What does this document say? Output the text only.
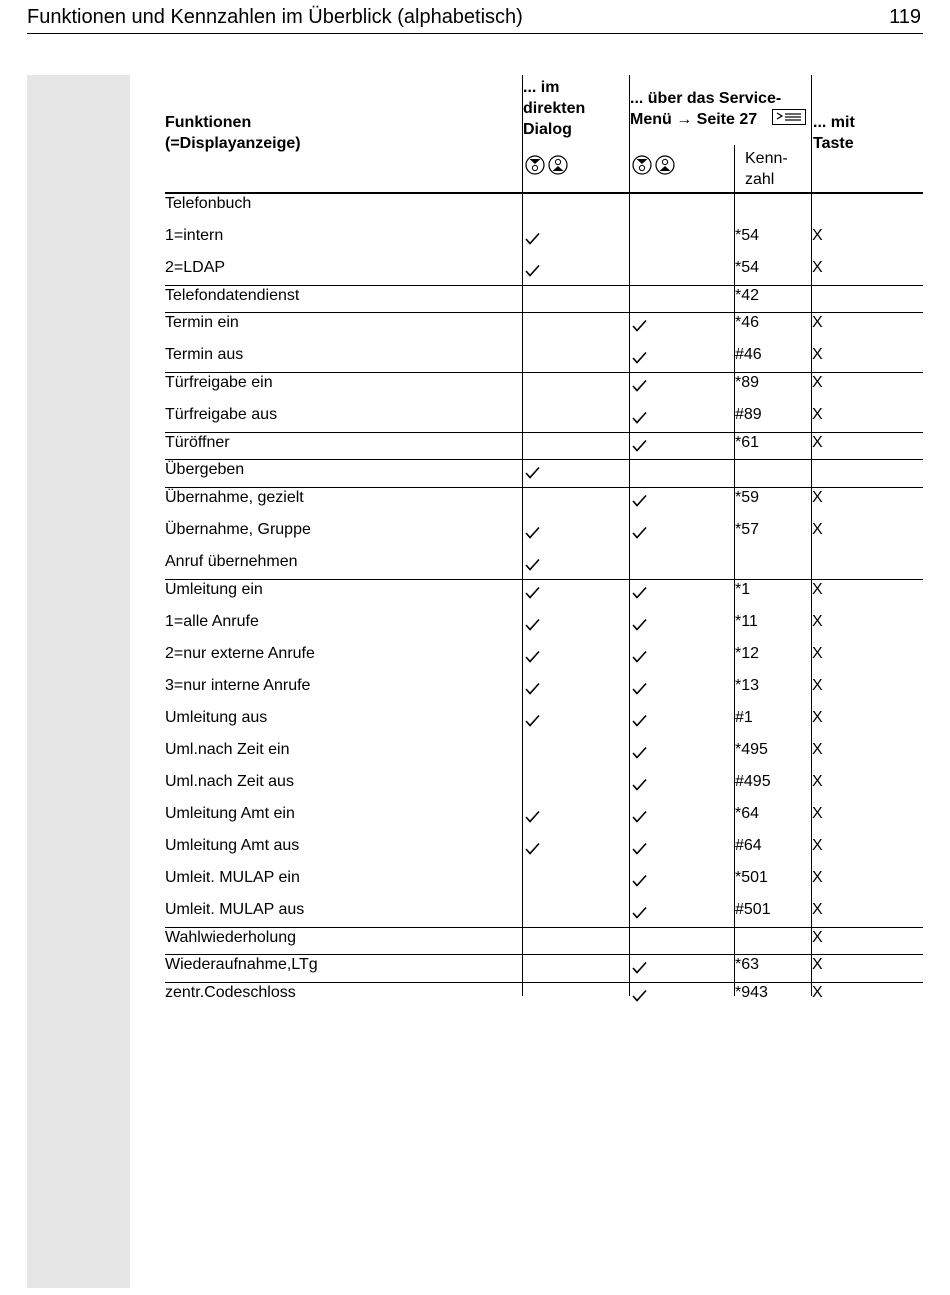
Funktionen und Kennzahlen im Überblick (alphabetisch)	119
Funktionen
(=Displayanzeige)
... im
direkten
Dialog
... über das Service-
Menü → Seite 27
Kenn-
zahl
... mit
Taste
Telefonbuch
1=intern	*54	X
2=LDAP	*54	X
Telefondatendienst	*42
Termin ein	*46	X
Termin aus	#46	X
Türfreigabe ein	*89	X
Türfreigabe aus	#89	X
Türöffner	*61	X
Übergeben
Übernahme, gezielt	*59	X
Übernahme, Gruppe	*57	X
Anruf übernehmen
Umleitung ein	*1	X
1=alle Anrufe	*11	X
2=nur externe Anrufe	*12	X
3=nur interne Anrufe	*13	X
Umleitung aus	#1	X
Uml.nach Zeit ein	*495	X
Uml.nach Zeit aus	#495	X
Umleitung Amt ein	*64	X
Umleitung Amt aus	#64	X
Umleit. MULAP ein	*501	X
Umleit. MULAP aus	#501	X
Wahlwiederholung	X
Wiederaufnahme,LTg	*63	X
zentr.Codeschloss	*943	X
